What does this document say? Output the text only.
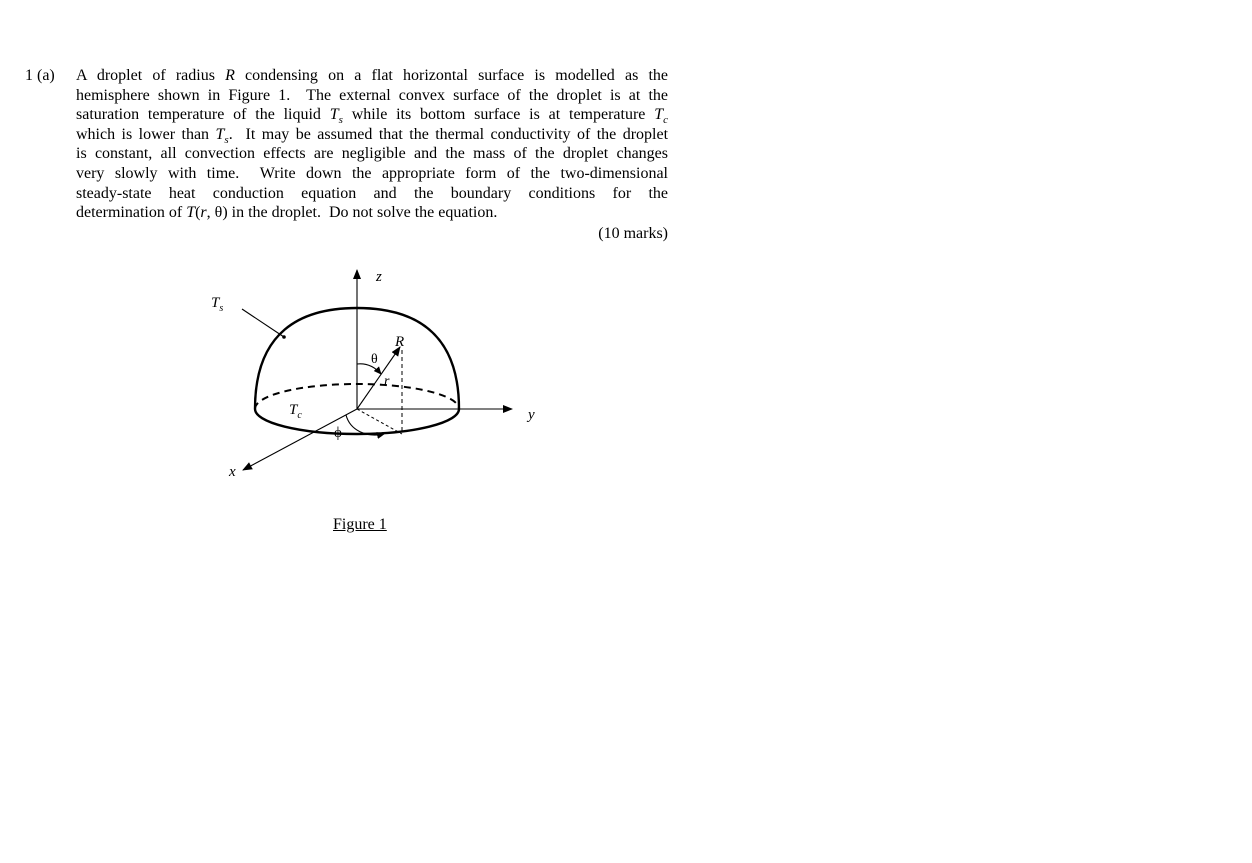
1 (a) A droplet of radius R condensing on a flat horizontal surface is modelled as the
hemisphere shown in Figure 1.  The external convex surface of the droplet is at the
saturation temperature of the liquid $T_s$ while its bottom surface is at temperature $T_c$
which is lower than $T_s$.  It may be assumed that the thermal conductivity of the droplet
is constant, all convection effects are negligible and the mass of the droplet changes
very slowly with time.  Write down the appropriate form of the two-dimensional
steady-state heat conduction equation and the boundary conditions for the
determination of T(r, θ) in the droplet.  Do not solve the equation.
(10 marks)
z
y
x
$T_s$
$T_c$
R
r
θ
ϕ
Figure 1
